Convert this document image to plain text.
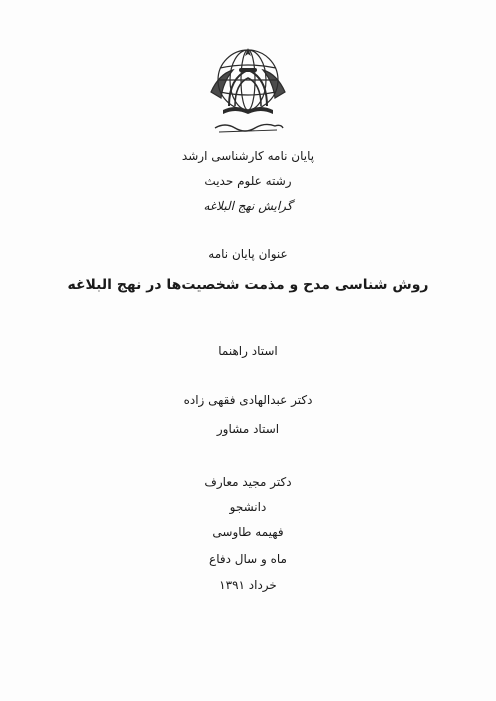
پایان نامه کارشناسی ارشد
رشته علوم حدیث
گرایش نهج البلاغه
عنوان پایان نامه
روش شناسی مدح و مذمت شخصیت‌ها در نهج البلاغه
استاد راهنما
دکتر عبدالهادی فقهی زاده
استاد مشاور
دکتر مجید معارف
دانشجو
فهیمه طاوسی
ماه و سال دفاع
خرداد ۱۳۹۱
